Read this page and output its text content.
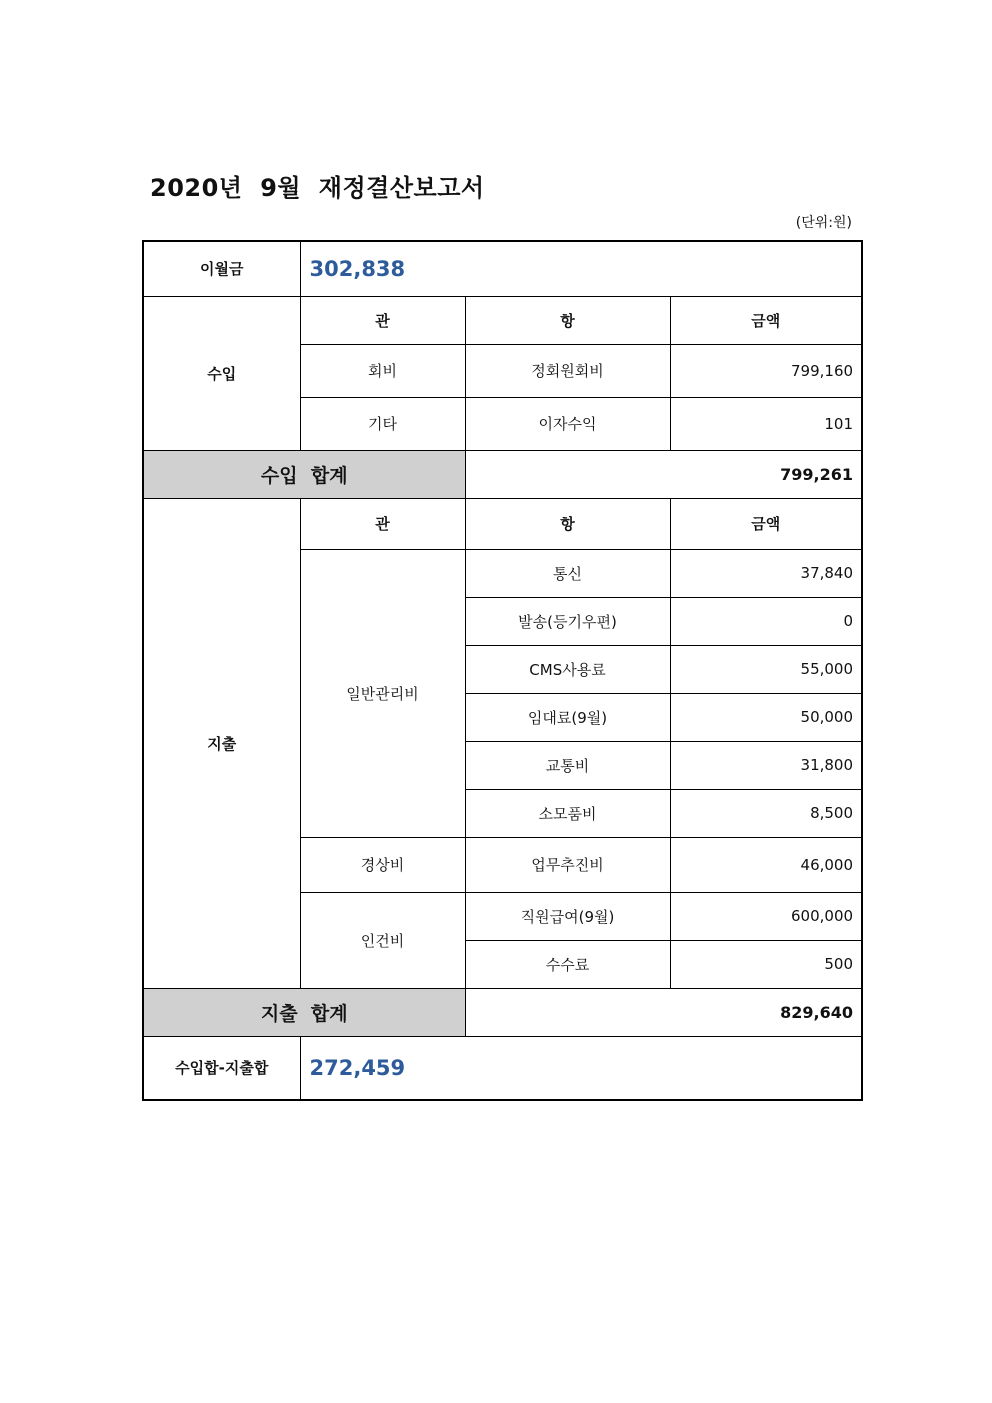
2020년  9월  재정결산보고서
(단위:원)
이월금	302,838		
수입	관	항	금액
	회비	정회원회비	799,160
	기타	이자수익	101
수입  합계		799,261	
지출	관	항	금액
	일반관리비	통신	37,840
		발송(등기우편)	0
		CMS사용료	55,000
		임대료(9월)	50,000
		교통비	31,800
		소모품비	8,500
	경상비	업무추진비	46,000
	인건비	직원급여(9월)	600,000
		수수료	500
지출  합계		829,640	
수입합-지출합	272,459		
